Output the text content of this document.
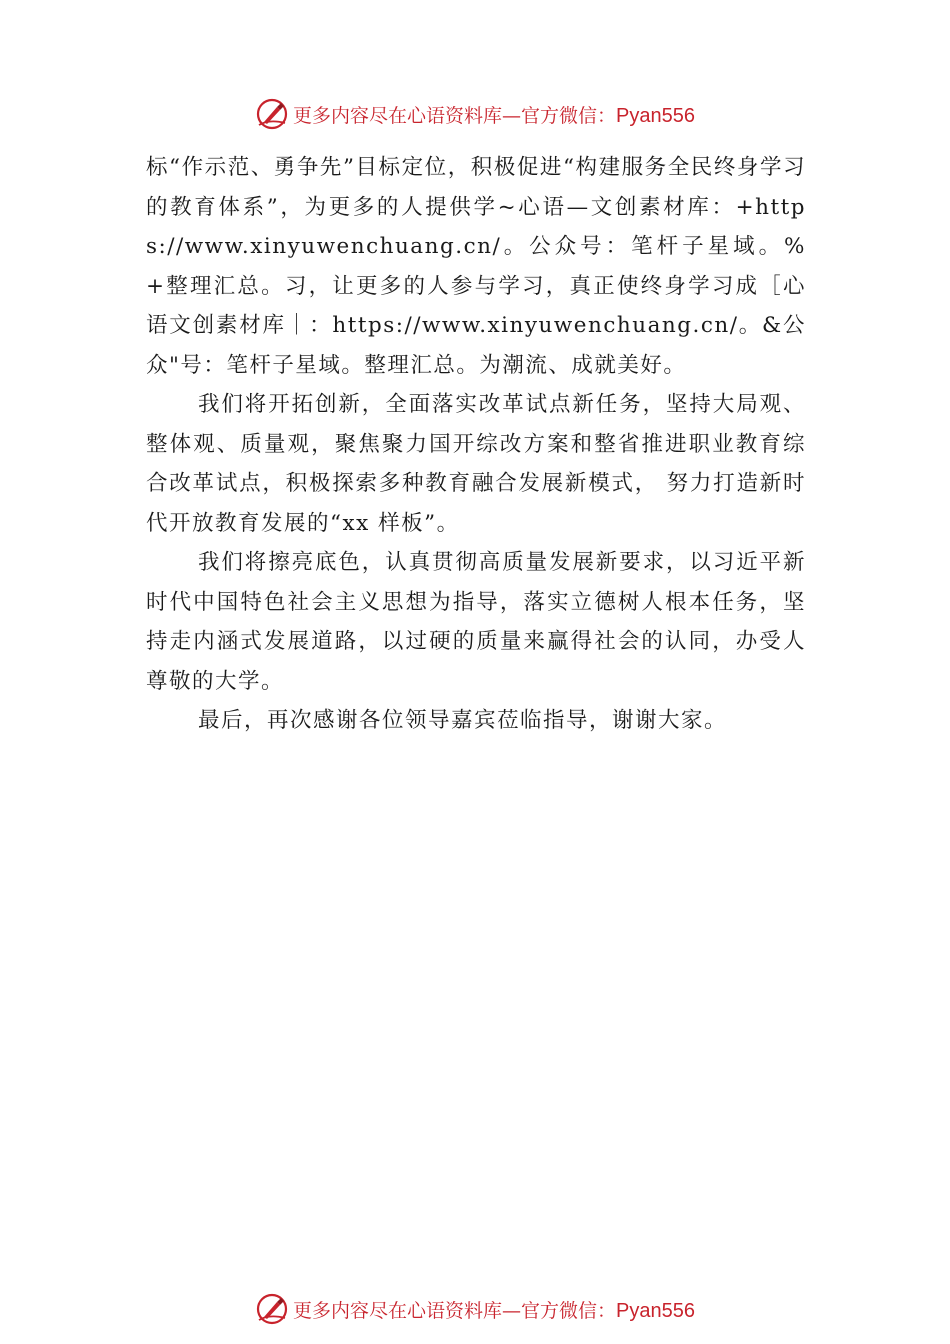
更多内容尽在心语资料库—官方微信：Pyan556

标“作示范、勇争先”目标定位，积极促进“构建服务全民终身学习的教育体系”，为更多的人提供学~心语—文创素材库：+https://www.xinyuwenchuang.cn/。公众号：笔杆子星域。%+整理汇总。习，让更多的人参与学习，真正使终身学习成［心语文创素材库｜：https://www.xinyuwenchuang.cn/。&公众"号：笔杆子星域。整理汇总。为潮流、成就美好。

我们将开拓创新，全面落实改革试点新任务，坚持大局观、整体观、质量观，聚焦聚力国开综改方案和整省推进职业教育综合改革试点，积极探索多种教育融合发展新模式， 努力打造新时代开放教育发展的“xx 样板”。

我们将擦亮底色，认真贯彻高质量发展新要求，以习近平新时代中国特色社会主义思想为指导，落实立德树人根本任务，坚持走内涵式发展道路，以过硬的质量来赢得社会的认同，办受人尊敬的大学。

最后，再次感谢各位领导嘉宾莅临指导，谢谢大家。

更多内容尽在心语资料库—官方微信：Pyan556
